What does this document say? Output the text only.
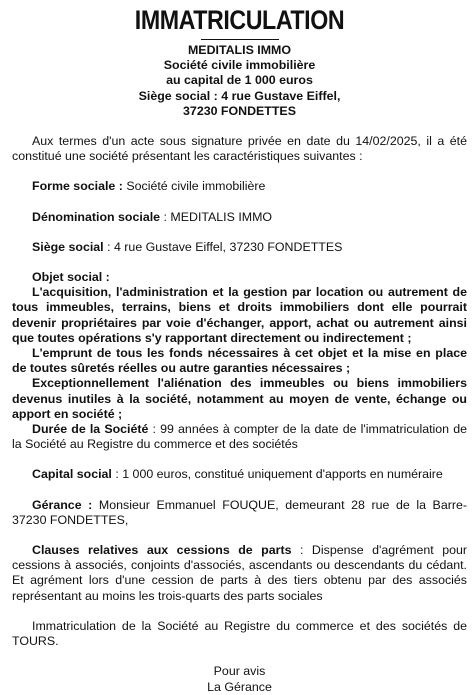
IMMATRICULATION
MEDITALIS IMMO
Société civile immobilière
au capital de 1 000 euros
Siège social : 4 rue Gustave Eiffel,
37230 FONDETTES

Aux termes d'un acte sous signature privée en date du 14/02/2025, il a été constitué une société présentant les caractéristiques suivantes :

Forme sociale : Société civile immobilière

Dénomination sociale : MEDITALIS IMMO

Siège social : 4 rue Gustave Eiffel, 37230 FONDETTES

Objet social :

L'acquisition, l'administration et la gestion par location ou autrement de tous immeubles, terrains, biens et droits immobiliers dont elle pourrait devenir propriétaires par voie d'échanger, apport, achat ou autrement ainsi que toutes opérations s'y rapportant directement ou indirectement ;

L'emprunt de tous les fonds nécessaires à cet objet et la mise en place de toutes sûretés réelles ou autre garanties nécessaires ;

Exceptionnellement l'aliénation des immeubles ou biens immobiliers devenus inutiles à la société, notamment au moyen de vente, échange ou apport en société ;

Durée de la Société : 99 années à compter de la date de l'immatriculation de la Société au Registre du commerce et des sociétés

Capital social : 1 000 euros, constitué uniquement d'apports en numéraire

Gérance : Monsieur Emmanuel FOUQUE, demeurant 28 rue de la Barre- 37230 FONDETTES,

Clauses relatives aux cessions de parts : Dispense d'agrément pour cessions à associés, conjoints d'associés, ascendants ou descendants du cédant. Et agrément lors d'une cession de parts à des tiers obtenu par des associés représentant au moins les trois-quarts des parts sociales

Immatriculation de la Société au Registre du commerce et des sociétés de TOURS.

Pour avis
La Gérance
